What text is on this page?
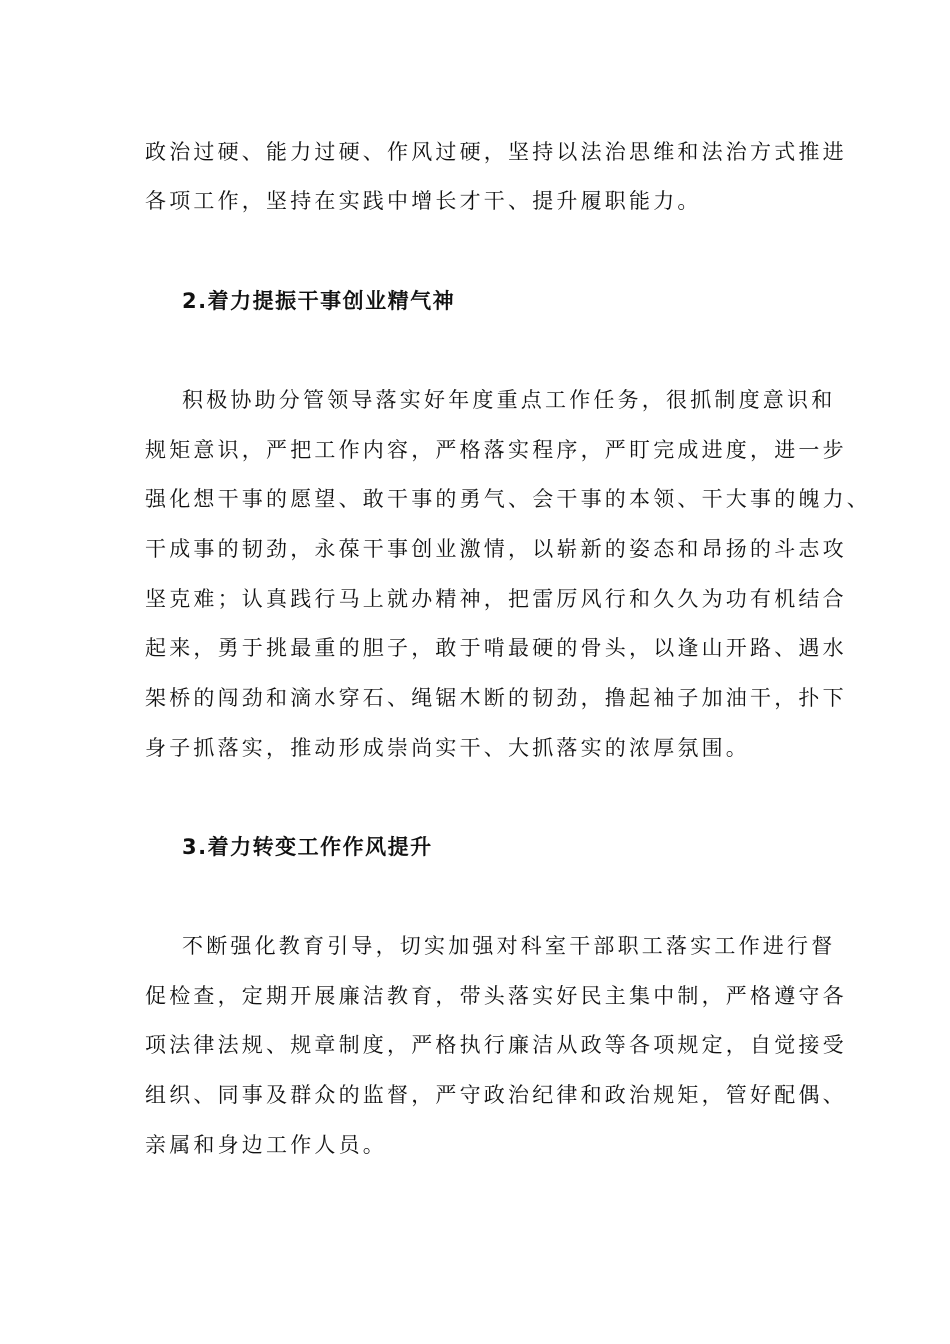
政治过硬、能力过硬、作风过硬，坚持以法治思维和法治方式推进
各项工作，坚持在实践中增长才干、提升履职能力。
2.着力提振干事创业精气神
积极协助分管领导落实好年度重点工作任务，很抓制度意识和
规矩意识，严把工作内容，严格落实程序，严盯完成进度，进一步
强化想干事的愿望、敢干事的勇气、会干事的本领、干大事的魄力、
干成事的韧劲，永葆干事创业激情，以崭新的姿态和昂扬的斗志攻
坚克难；认真践行马上就办精神，把雷厉风行和久久为功有机结合
起来，勇于挑最重的胆子，敢于啃最硬的骨头，以逢山开路、遇水
架桥的闯劲和滴水穿石、绳锯木断的韧劲，撸起袖子加油干，扑下
身子抓落实，推动形成崇尚实干、大抓落实的浓厚氛围。
3.着力转变工作作风提升
不断强化教育引导，切实加强对科室干部职工落实工作进行督
促检查，定期开展廉洁教育，带头落实好民主集中制，严格遵守各
项法律法规、规章制度，严格执行廉洁从政等各项规定，自觉接受
组织、同事及群众的监督，严守政治纪律和政治规矩，管好配偶、
亲属和身边工作人员。
